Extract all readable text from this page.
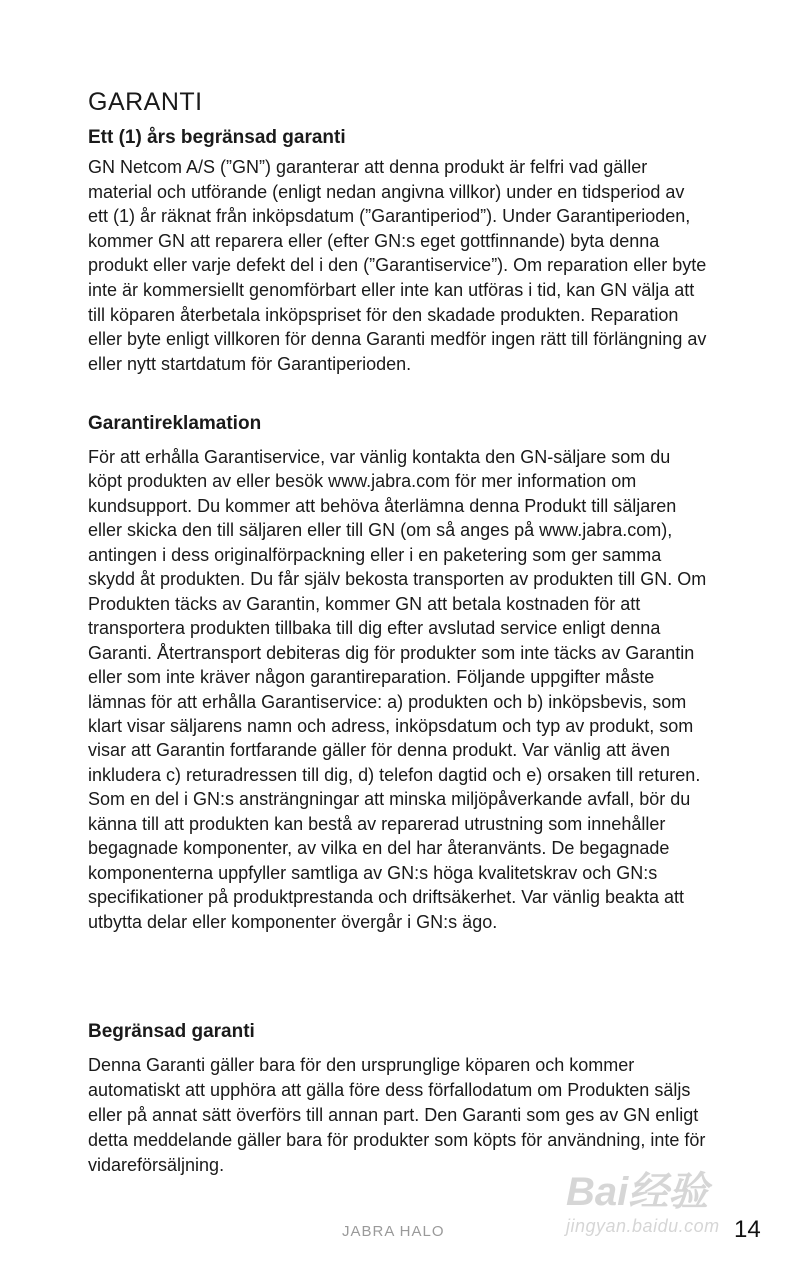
GARANTI
Ett (1) års begränsad garanti

GN Netcom A/S (”GN”) garanterar att denna produkt är felfri vad gäller material och utförande (enligt nedan angivna villkor) under en tidsperiod av ett (1) år räknat från inköpsdatum (”Garantiperiod”). Under Garantiperioden, kommer GN att reparera eller (efter GN:s eget gottfinnande) byta denna produkt eller varje defekt del i den (”Garantiservice”). Om reparation eller byte inte är kommersiellt genomförbart eller inte kan utföras i tid, kan GN välja att till köparen återbetala inköpspriset för den skadade produkten. Reparation eller byte enligt villkoren för denna Garanti medför ingen rätt till förlängning av eller nytt startdatum för Garantiperioden.

Garantireklamation

För att erhålla Garantiservice, var vänlig kontakta den GN-säljare som du köpt produkten av eller besök www.jabra.com för mer information om kundsupport. Du kommer att behöva återlämna denna Produkt till säljaren eller skicka den till säljaren eller till GN (om så anges på www.jabra.com), antingen i dess originalförpackning eller i en paketering som ger samma skydd åt produkten. Du får själv bekosta transporten av produkten till GN. Om Produkten täcks av Garantin, kommer GN att betala kostnaden för att transportera produkten tillbaka till dig efter avslutad service enligt denna Garanti. Återtransport debiteras dig för produkter som inte täcks av Garantin eller som inte kräver någon garantireparation. Följande uppgifter måste lämnas för att erhålla Garantiservice: a) produkten och b) inköpsbevis, som klart visar säljarens namn och adress, inköpsdatum och typ av produkt, som visar att Garantin fortfarande gäller för denna produkt. Var vänlig att även inkludera c) returadressen till dig, d) telefon dagtid och e) orsaken till returen. Som en del i GN:s ansträngningar att minska miljöpåverkande avfall, bör du känna till att produkten kan bestå av reparerad utrustning som innehåller begagnade komponenter, av vilka en del har återanvänts. De begagnade komponenterna uppfyller samtliga av GN:s höga kvalitetskrav och GN:s specifikationer på produktprestanda och driftsäkerhet. Var vänlig beakta att utbytta delar eller komponenter övergår i GN:s ägo.

Begränsad garanti

Denna Garanti gäller bara för den ursprunglige köparen och kommer automatiskt att upphöra att gälla före dess förfallodatum om Produkten säljs eller på annat sätt överförs till annan part. Den Garanti som ges av GN enligt detta meddelande gäller bara för produkter som köpts för användning, inte för vidareförsäljning.

Bai经验
jingyan.baidu.com
JABRA HALO	14
